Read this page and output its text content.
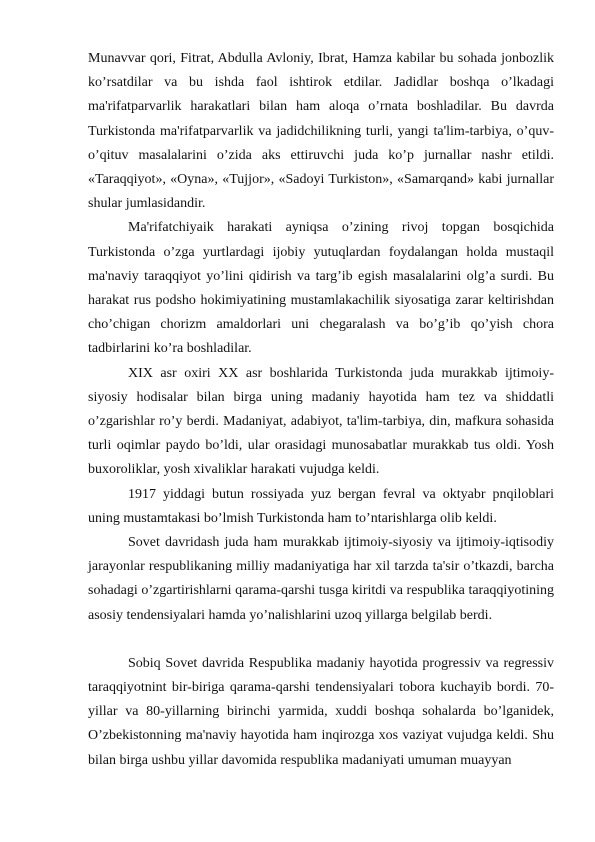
Munavvar qori, Fitrat, Abdulla Avloniy, Ibrat, Hamza kabilar bu sohada jonbozlik ko’rsatdilar va bu ishda faol ishtirok etdilar. Jadidlar boshqa o’lkadagi ma'rifatparvarlik harakatlari bilan ham aloqa o’rnata boshladilar. Bu davrda Turkistonda ma'rifatparvarlik va jadidchilikning turli, yangi ta'lim-tarbiya, o’quv-o’qituv masalalarini o’zida aks ettiruvchi juda ko’p jurnallar nashr etildi. «Taraqqiyot», «Oyna», «Tujjor», «Sadoyi Turkiston», «Samarqand» kabi jurnallar shular jumlasidandir.

Ma'rifatchiyaik harakati ayniqsa o’zining rivoj topgan bosqichida Turkistonda o’zga yurtlardagi ijobiy yutuqlardan foydalangan holda mustaqil ma'naviy taraqqiyot yo’lini qidirish va targ’ib egish masalalarini olg’a surdi. Bu harakat rus podsho hokimiyatining mustamlakachilik siyosatiga zarar keltirishdan cho’chigan chorizm amaldorlari uni chegaralash va bo’g’ib qo’yish chora tadbirlarini ko’ra boshladilar.

XIX asr oxiri XX asr boshlarida Turkistonda juda murakkab ijtimoiy-siyosiy hodisalar bilan birga uning madaniy hayotida ham tez va shiddatli o’zgarishlar ro’y berdi. Madaniyat, adabiyot, ta'lim-tarbiya, din, mafkura sohasida turli oqimlar paydo bo’ldi, ular orasidagi munosabatlar murakkab tus oldi. Yosh buxoroliklar, yosh xivaliklar harakati vujudga keldi.

1917 yiddagi butun rossiyada yuz bergan fevral va oktyabr pnqiloblari uning mustamtakasi bo’lmish Turkistonda ham to’ntarishlarga olib keldi.

Sovet davridash juda ham murakkab ijtimoiy-siyosiy va ijtimoiy-iqtisodiy jarayonlar respublikaning milliy madaniyatiga har xil tarzda ta'sir o’tkazdi, barcha sohadagi o’zgartirishlarni qarama-qarshi tusga kiritdi va respublika taraqqiyotining asosiy tendensiyalari hamda yo’nalishlarini uzoq yillarga belgilab berdi.

Sobiq Sovet davrida Respublika madaniy hayotida progressiv va regressiv taraqqiyotnint bir-biriga qarama-qarshi tendensiyalari tobora kuchayib bordi. 70-yillar va 80-yillarning birinchi yarmida, xuddi boshqa sohalarda bo’lganidek, O’zbekistonning ma'naviy hayotida ham inqirozga xos vaziyat vujudga keldi. Shu bilan birga ushbu yillar davomida respublika madaniyati umuman muayyan
